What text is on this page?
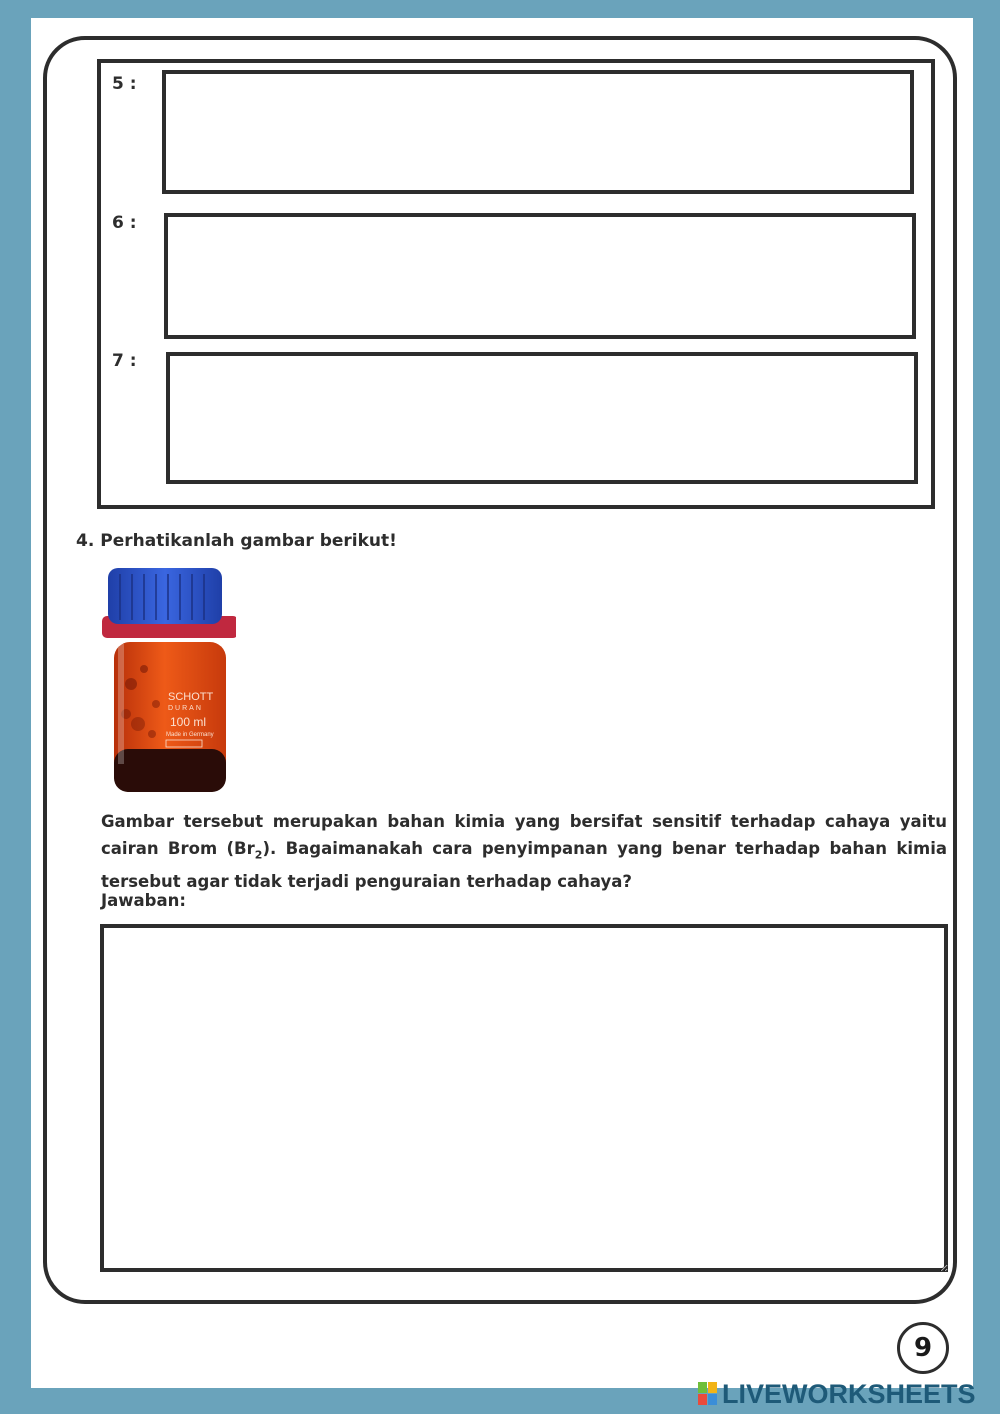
5 :
6 :
7 :
4. Perhatikanlah gambar berikut!
SCHOTT
DURAN
100 ml
Made in Germany
Gambar tersebut merupakan bahan kimia yang bersifat sensitif terhadap cahaya yaitu cairan Brom $(Br_2)$. Bagaimanakah cara penyimpanan yang benar terhadap bahan kimia tersebut agar tidak terjadi penguraian terhadap cahaya?
Jawaban:
9
LIVEWORKSHEETS
